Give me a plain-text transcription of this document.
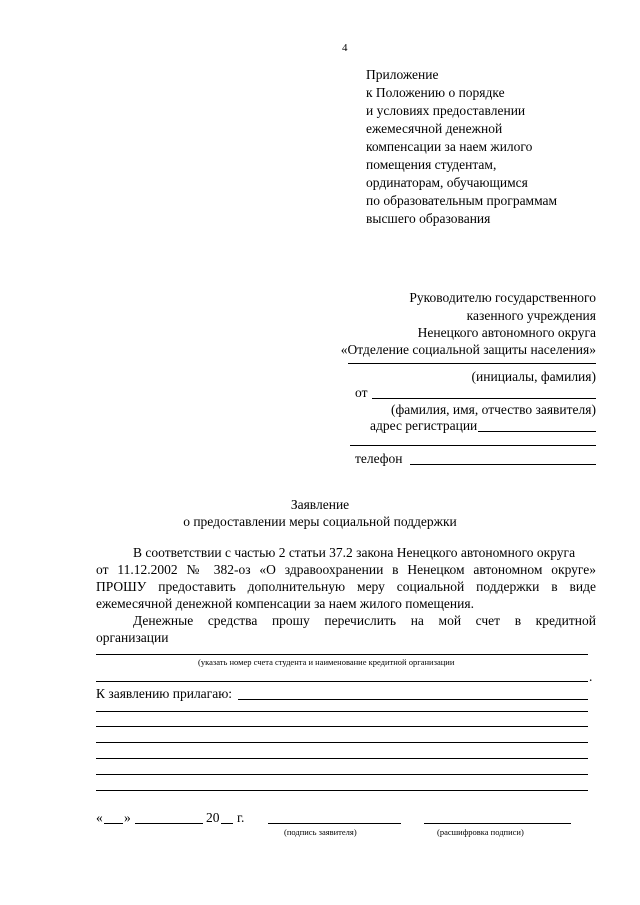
4
Приложение
к Положению о порядке
и условиях предоставлении
ежемесячной денежной
компенсации за наем жилого
помещения студентам,
ординаторам, обучающимся
по образовательным программам
высшего образования
Руководителю государственного
казенного учреждения
Ненецкого автономного округа
«Отделение социальной защиты населения»
(инициалы, фамилия)
от
(фамилия, имя, отчество заявителя)
адрес регистрации
телефон
Заявление
о предоставлении меры социальной поддержки
В соответствии с частью 2 статьи 37.2 закона Ненецкого автономного округа
от 11.12.2002 № 382-оз «О здравоохранении в Ненецком автономном округе»
ПРОШУ предоставить дополнительную меру социальной поддержки в виде
ежемесячной денежной компенсации за наем жилого помещения.
Денежные средства прошу перечислить на мой счет в кредитной
организации
(указать номер счета студента и наименование кредитной организации
.
К заявлению прилагаю:
« »	20 г.
(подпись заявителя)	(расшифровка подписи)
